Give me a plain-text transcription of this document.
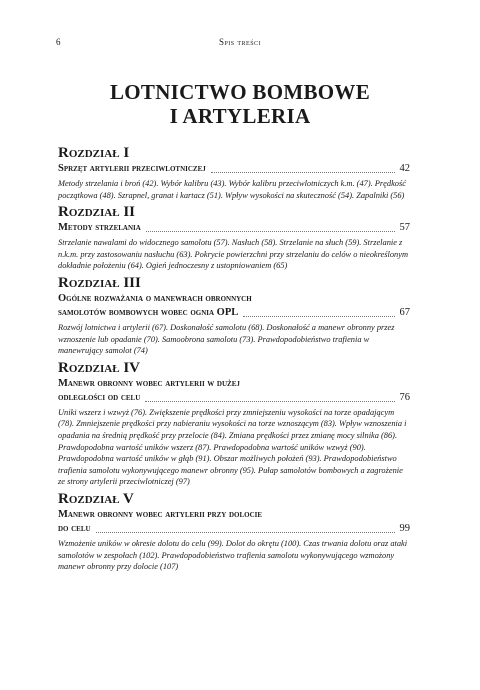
6	Spis treści
LOTNICTWO BOMBOWE
I ARTYLERIA
Rozdział I
Sprzęt artylerii przeciwlotniczej	42
Metody strzelania i broń (42). Wybór kalibru (43). Wybór kalibru przeciwlotniczych k.m. (47). Prędkość początkowa (48). Szrapnel, granat i kartacz (51). Wpływ wysokości na skuteczność (54). Zapalniki (56)
Rozdział II
Metody strzelania	57
Strzelanie nawalami do widocznego samolotu (57). Nasłuch (58). Strzelanie na słuch (59). Strzelanie z n.k.m. przy zastosowaniu nasłuchu (63). Pokrycie powierzchni przy strzelaniu do celów o nieokreślonym dokładnie położeniu (64). Ogień jednoczesny z ustopniowaniem (65)
Rozdział III
Ogólne rozważania o manewrach obronnych
samolotów bombowych wobec ognia OPL	67
Rozwój lotnictwa i artylerii (67). Doskonałość samolotu (68). Doskonałość a manewr obronny przez wznoszenie lub opadanie (70). Samoobrona samolotu (73). Prawdopodobieństwo trafienia w manewrujący samolot (74)
Rozdział IV
Manewr obronny wobec artylerii w dużej
odległości od celu	76
Uniki wszerz i wzwyż (76). Zwiększenie prędkości przy zmniejszeniu wysokości na torze opadającym (78). Zmniejszenie prędkości przy nabieraniu wysokości na torze wznoszącym (83). Wpływ wznoszenia i opadania na średnią prędkość przy przelocie (84). Zmiana prędkości przez zmianę mocy silnika (86). Prawdopodobna wartość uników wszerz (87). Prawdopodobna wartość uników wzwyż (90). Prawdopodobna wartość uników w głąb (91). Obszar możliwych położeń (93). Prawdopodobieństwo trafienia samolotu wykonywującego manewr obronny (95). Pułap samolotów bombowych a zagrożenie ze strony artylerii przeciwlotniczej (97)
Rozdział V
Manewr obronny wobec artylerii przy dolocie
do celu	99
Wzmożenie uników w okresie dolotu do celu (99). Dolot do okrętu (100). Czas trwania dolotu oraz ataki samolotów w zespołach (102). Prawdopodobieństwo trafienia samolotu wykonywującego wzmożony manewr obronny przy dolocie (107)
